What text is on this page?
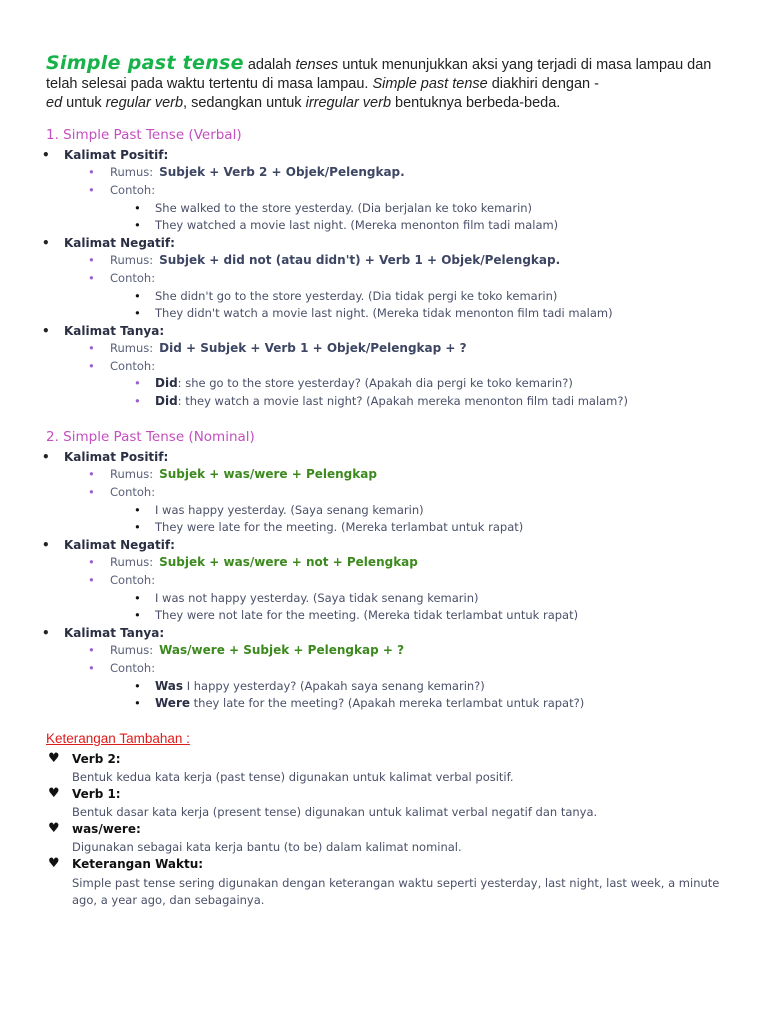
Simple past tense adalah tenses untuk menunjukkan aksi yang terjadi di masa lampau dan telah selesai pada waktu tertentu di masa lampau. Simple past tense diakhiri dengan -
ed untuk regular verb, sedangkan untuk irregular verb bentuknya berbeda-beda.
1. Simple Past Tense (Verbal)
• Kalimat Positif:
• Rumus: Subjek + Verb 2 + Objek/Pelengkap.
• Contoh:
• She walked to the store yesterday. (Dia berjalan ke toko kemarin)
• They watched a movie last night. (Mereka menonton film tadi malam)
• Kalimat Negatif:
• Rumus: Subjek + did not (atau didn't) + Verb 1 + Objek/Pelengkap.
• Contoh:
• She didn't go to the store yesterday. (Dia tidak pergi ke toko kemarin)
• They didn't watch a movie last night. (Mereka tidak menonton film tadi malam)
• Kalimat Tanya:
• Rumus: Did + Subjek + Verb 1 + Objek/Pelengkap + ?
• Contoh:
• Did: she go to the store yesterday? (Apakah dia pergi ke toko kemarin?)
• Did: they watch a movie last night? (Apakah mereka menonton film tadi malam?)
2. Simple Past Tense (Nominal)
• Kalimat Positif:
• Rumus: Subjek + was/were + Pelengkap
• Contoh:
• I was happy yesterday. (Saya senang kemarin)
• They were late for the meeting. (Mereka terlambat untuk rapat)
• Kalimat Negatif:
• Rumus: Subjek + was/were + not + Pelengkap
• Contoh:
• I was not happy yesterday. (Saya tidak senang kemarin)
• They were not late for the meeting. (Mereka tidak terlambat untuk rapat)
• Kalimat Tanya:
• Rumus: Was/were + Subjek + Pelengkap + ?
• Contoh:
• Was I happy yesterday? (Apakah saya senang kemarin?)
• Were they late for the meeting? (Apakah mereka terlambat untuk rapat?)
Keterangan Tambahan :
♥ Verb 2:
Bentuk kedua kata kerja (past tense) digunakan untuk kalimat verbal positif.
♥ Verb 1:
Bentuk dasar kata kerja (present tense) digunakan untuk kalimat verbal negatif dan tanya.
♥ was/were:
Digunakan sebagai kata kerja bantu (to be) dalam kalimat nominal.
♥ Keterangan Waktu:
Simple past tense sering digunakan dengan keterangan waktu seperti yesterday, last night, last week, a minute ago, a year ago, dan sebagainya.
